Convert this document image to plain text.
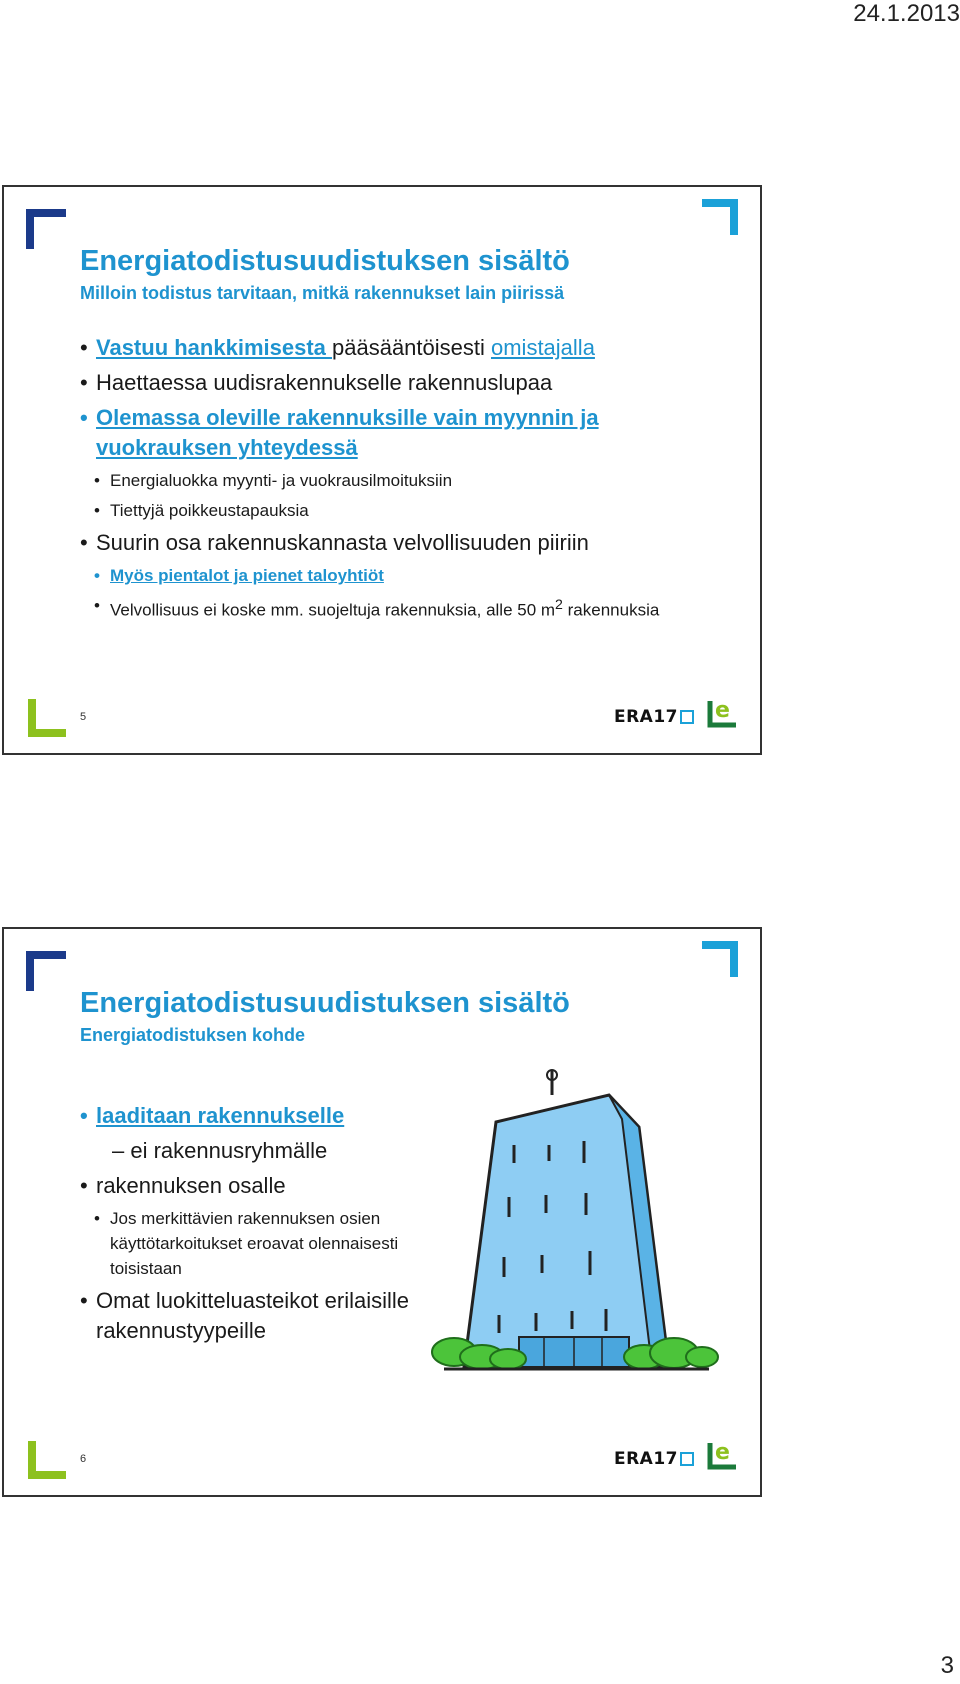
24.1.2013
Energiatodistusuudistuksen sisältö
Milloin todistus tarvitaan, mitkä rakennukset lain piirissä
• Vastuu hankkimisesta pääsääntöisesti omistajalla
• Haettaessa uudisrakennukselle rakennuslupaa
• Olemassa oleville rakennuksille vain myynnin ja vuokrauksen yhteydessä
• Energialuokka myynti- ja vuokrausilmoituksiin
• Tiettyjä poikkeustapauksia
• Suurin osa rakennuskannasta velvollisuuden piiriin
• Myös pientalot ja pienet taloyhtiöt
• Velvollisuus ei koske mm. suojeltuja rakennuksia, alle 50 $m^2$ rakennuksia
5	ERA17	e
Energiatodistusuudistuksen sisältö
Energiatodistuksen kohde
• laaditaan rakennukselle
– ei rakennusryhmälle
• rakennuksen osalle
• Jos merkittävien rakennuksen osien käyttötarkoitukset eroavat olennaisesti toisistaan
• Omat luokitteluasteikot erilaisille rakennustyypeille
6	ERA17	e
3
